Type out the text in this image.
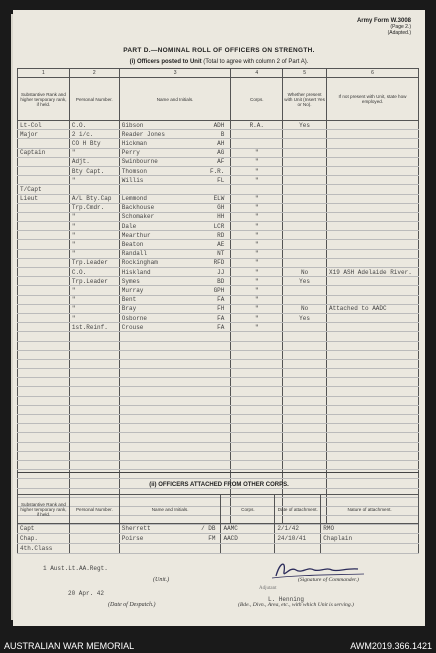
Army Form W.3008
(Page 2.)
(Adapted.)
PART D.—NOMINAL ROLL OF OFFICERS ON STRENGTH.
(i) Officers posted to Unit (Total to agree with column 2 of Part A).
1	2	3	4	5	6
Substantive Rank and higher temporary rank, if held.	Personal Number.	Name and Initials.	Corps.	Whether present with Unit (Insert Yes or No).	If not present with Unit, state how employed.
Lt-Col	C.O.	Gibson ADH	R.A.	Yes	
Major	2 i/c.	Reader Jones B			

	CO H Bty	Hickman AH			

Captain	"	Perry AG	"		
	Adjt.	Swinbourne AF	"		
	Bty Capt.	Thomson F.R.	"		
	"	Willis FL	"		
T/Capt		

Lieut	A/L Bty.Cap	Lemmond ELW	"		
	Trp.Cmdr.	Backhouse GH	"		
	"	Schomaker HH	"		
	"	Dale LCR	"		
	"	Mearthur RD	"		
	"	Beaton AE	"		
	"	Randall NT	"		
	Trp.Leader	Rockingham RFD	"		
	C.O.	Hiskland JJ	"	No	X19 ASH Adelaide River.
	Trp.Leader	Symes BD	"	Yes	
	"	Murray GPH	"		
	"	Bent FA	"		
	"	Bray FH	"	No	Attached to AADC
	"	Osborne FA	"	Yes	
	1st.Reinf.	Crouse FA	"		

(ii) OFFICERS ATTACHED FROM OTHER CORPS.
Substantive Rank and higher temporary rank, if held.	Personal Number.	Name and Initials.	Corps.	Date of attachment.	Nature of attachment.
Capt		Sherrett / DB	AAMC	2/1/42	RMO
Chap.		Poirse FM	AACD	24/10/41	Chaplain
4th.Class		

1 Aust.Lt.AA.Regt.
(Unit.)
20 Apr. 42
(Date of Despatch.)
(Signature of Commander.)
Adjutant
L. Henning
(Bde., Divn., Area, etc., with which Unit is serving.)
AUSTRALIAN WAR MEMORIAL	AWM2019.366.1421
